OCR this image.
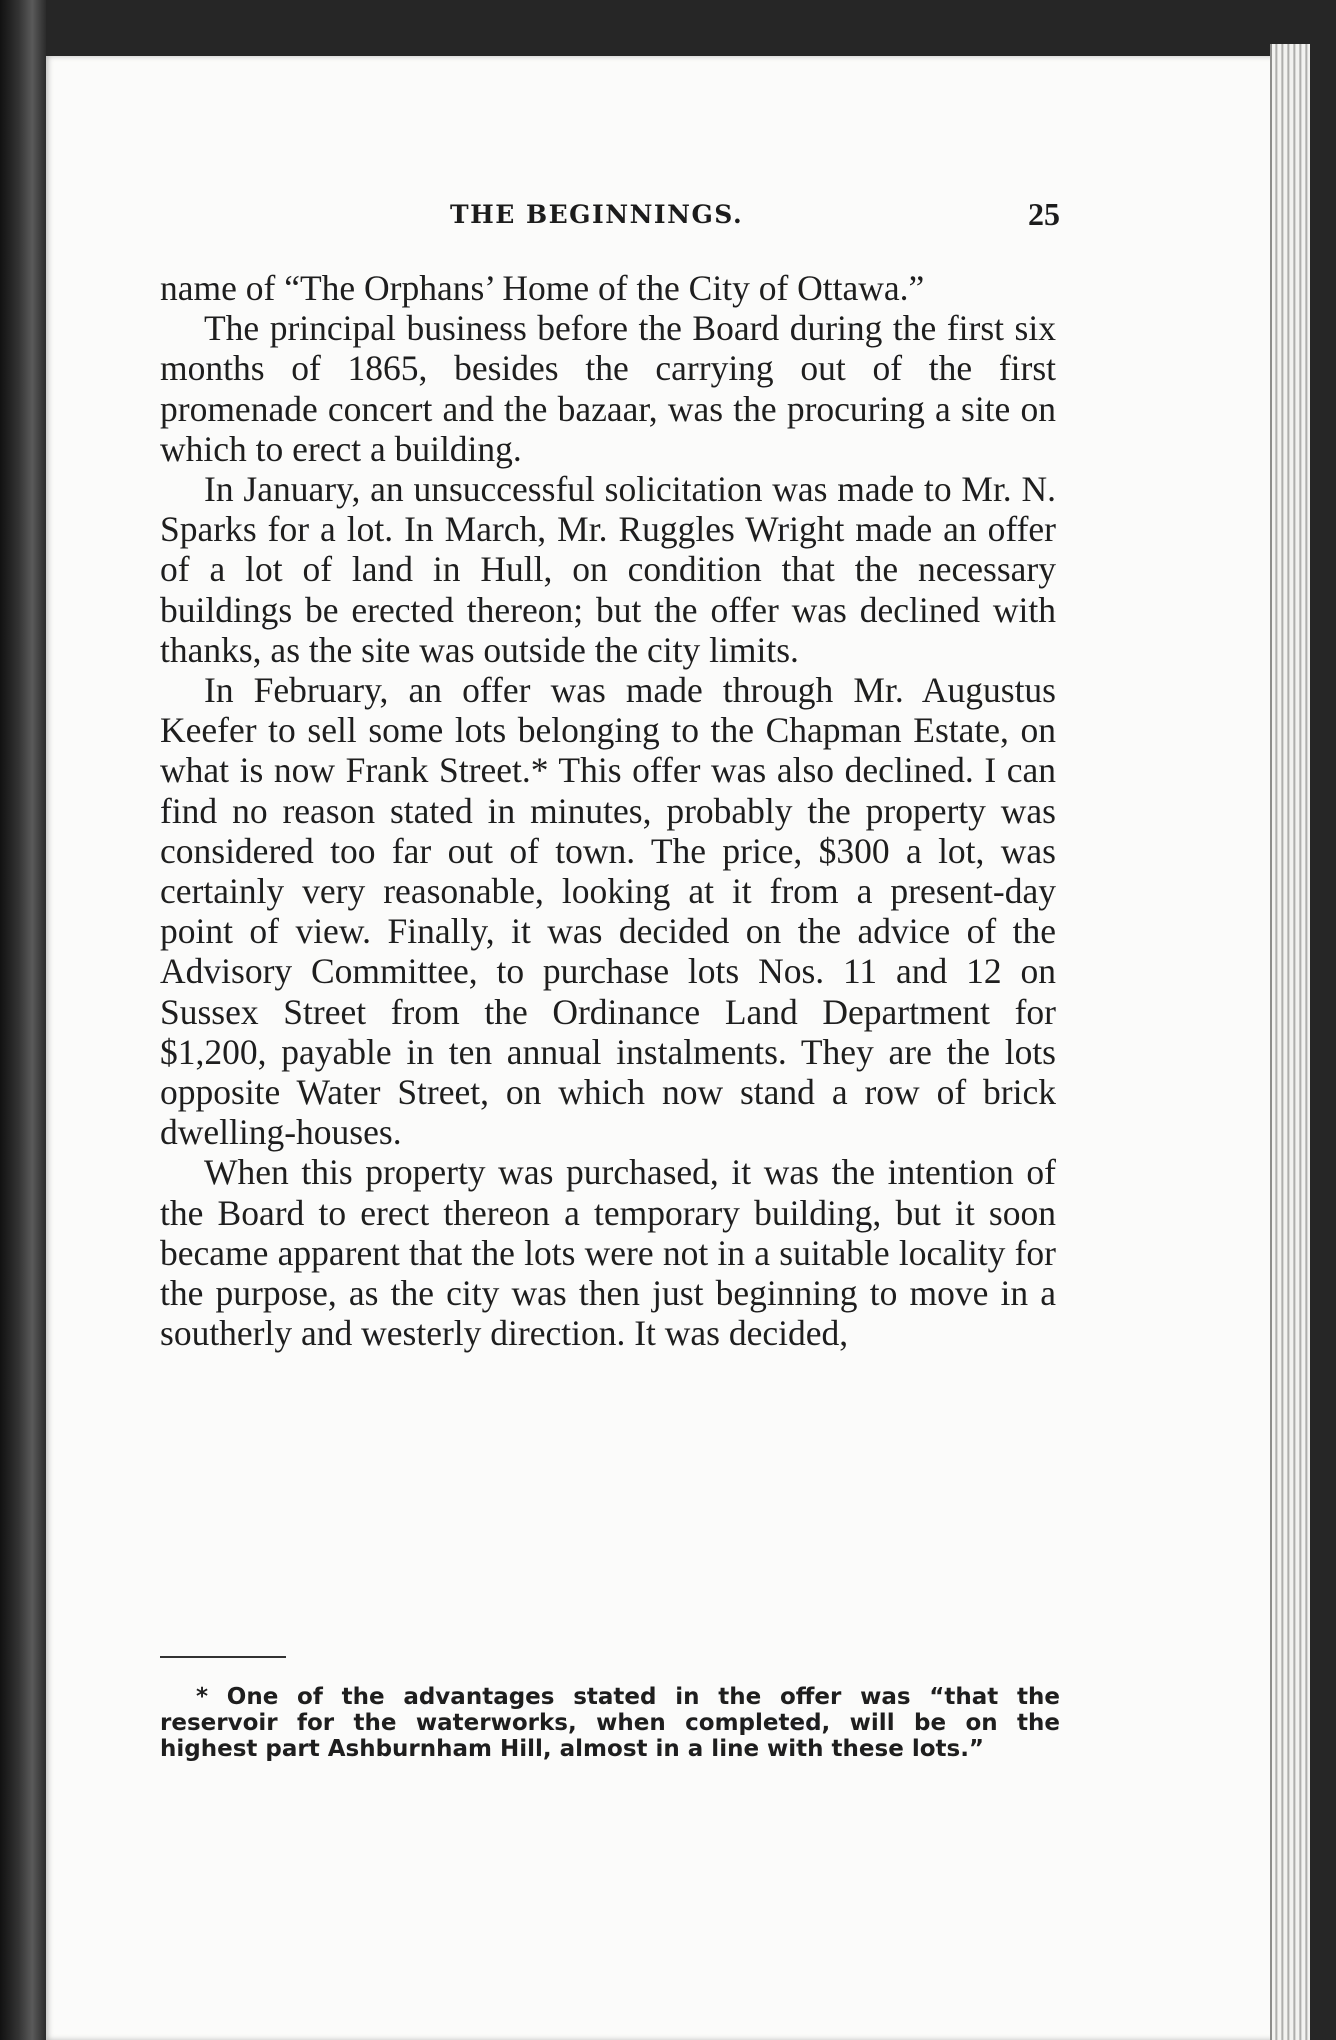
THE BEGINNINGS.	25

name of “The Orphans’ Home of the City of Ottawa.”

The principal business before the Board during the first six months of 1865, besides the carrying out of the first promenade concert and the bazaar, was the procuring a site on which to erect a building.

In January, an unsuccessful solicitation was made to Mr. N. Sparks for a lot. In March, Mr. Ruggles Wright made an offer of a lot of land in Hull, on condition that the necessary buildings be erected thereon; but the offer was declined with thanks, as the site was outside the city limits.

In February, an offer was made through Mr. Augustus Keefer to sell some lots belonging to the Chapman Estate, on what is now Frank Street.* This offer was also declined. I can find no reason stated in minutes, probably the property was considered too far out of town. The price, $300 a lot, was certainly very reasonable, looking at it from a present-day point of view. Finally, it was decided on the advice of the Advisory Committee, to purchase lots Nos. 11 and 12 on Sussex Street from the Ordinance Land Department for $1,200, payable in ten annual instalments. They are the lots opposite Water Street, on which now stand a row of brick dwelling-houses.

When this property was purchased, it was the intention of the Board to erect thereon a temporary building, but it soon became apparent that the lots were not in a suitable locality for the purpose, as the city was then just beginning to move in a southerly and westerly direction. It was decided,

* One of the advantages stated in the offer was “that the reservoir for the waterworks, when completed, will be on the highest part Ashburnham Hill, almost in a line with these lots.”
